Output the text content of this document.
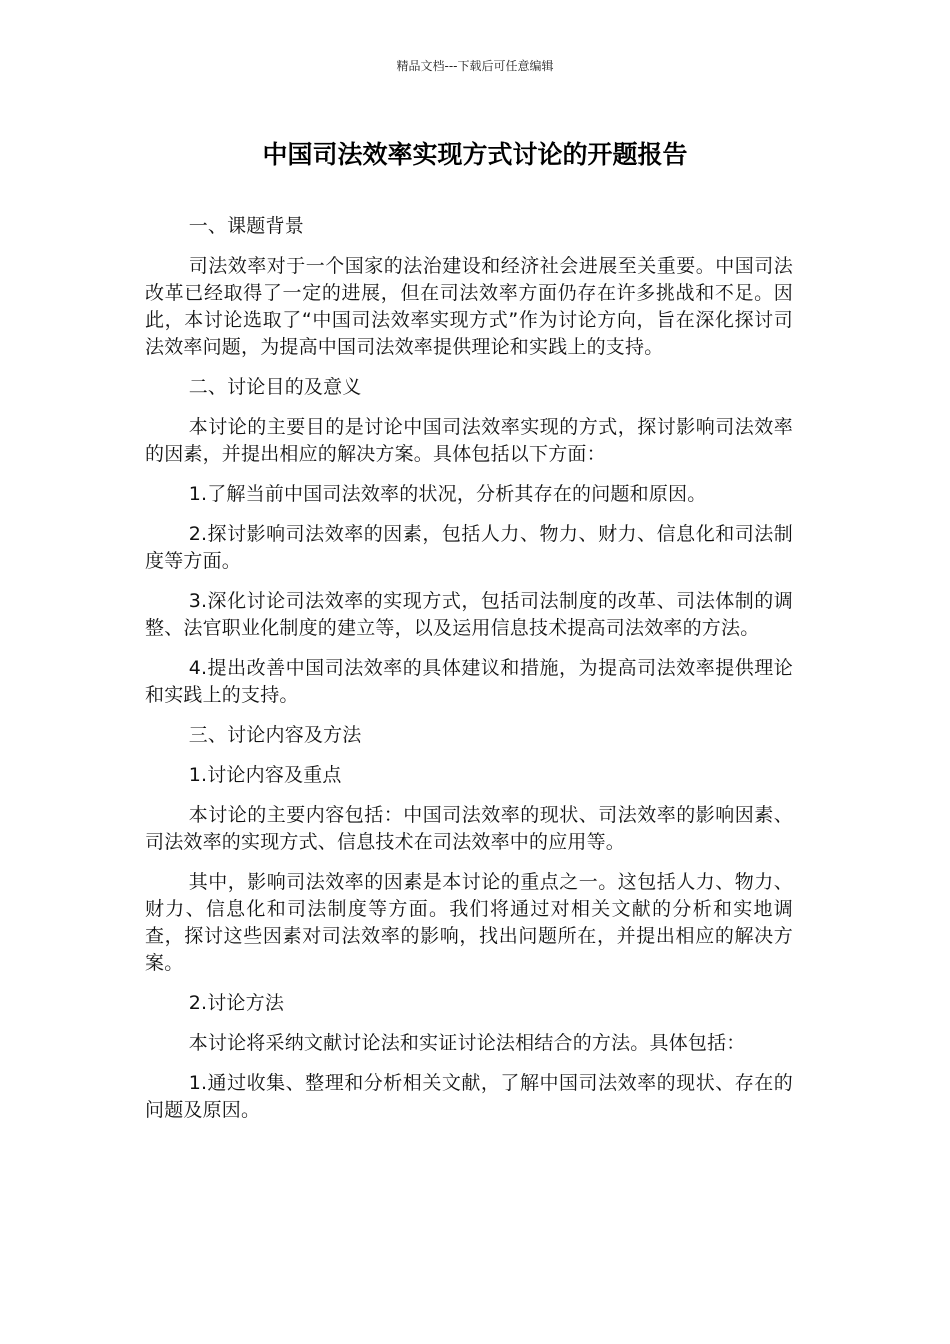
精品文档---下载后可任意编辑
中国司法效率实现方式讨论的开题报告

一、课题背景

司法效率对于一个国家的法治建设和经济社会进展至关重要。中国司法改革已经取得了一定的进展，但在司法效率方面仍存在许多挑战和不足。因此，本讨论选取了“中国司法效率实现方式”作为讨论方向，旨在深化探讨司法效率问题，为提高中国司法效率提供理论和实践上的支持。

二、讨论目的及意义

本讨论的主要目的是讨论中国司法效率实现的方式，探讨影响司法效率的因素，并提出相应的解决方案。具体包括以下方面：

1.了解当前中国司法效率的状况，分析其存在的问题和原因。

2.探讨影响司法效率的因素，包括人力、物力、财力、信息化和司法制度等方面。

3.深化讨论司法效率的实现方式，包括司法制度的改革、司法体制的调整、法官职业化制度的建立等，以及运用信息技术提高司法效率的方法。

4.提出改善中国司法效率的具体建议和措施，为提高司法效率提供理论和实践上的支持。

三、讨论内容及方法

1.讨论内容及重点

本讨论的主要内容包括：中国司法效率的现状、司法效率的影响因素、司法效率的实现方式、信息技术在司法效率中的应用等。

其中，影响司法效率的因素是本讨论的重点之一。这包括人力、物力、财力、信息化和司法制度等方面。我们将通过对相关文献的分析和实地调查，探讨这些因素对司法效率的影响，找出问题所在，并提出相应的解决方案。

2.讨论方法

本讨论将采纳文献讨论法和实证讨论法相结合的方法。具体包括：

1.通过收集、整理和分析相关文献，了解中国司法效率的现状、存在的问题及原因。
